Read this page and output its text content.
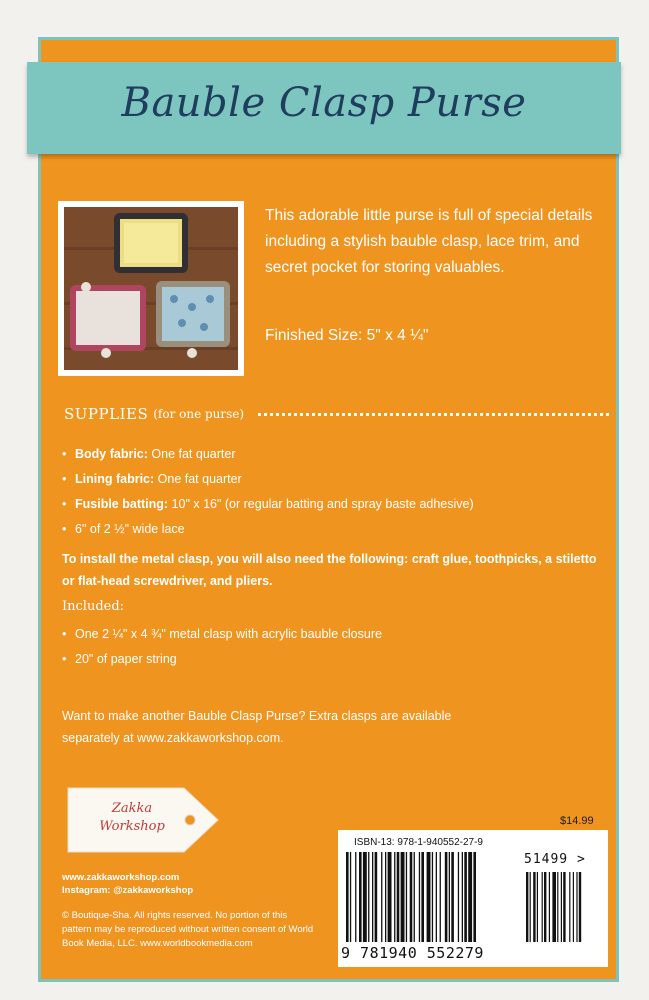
Bauble Clasp Purse

This adorable little purse is full of special details including a stylish bauble clasp, lace trim, and secret pocket for storing valuables.

Finished Size: 5" x 4 ¼"

SUPPLIES (for one purse)
• Body fabric: One fat quarter
• Lining fabric: One fat quarter
• Fusible batting: 10" x 16" (or regular batting and spray baste adhesive)
• 6" of 2 ½" wide lace

To install the metal clasp, you will also need the following: craft glue, toothpicks, a stiletto or flat-head screwdriver, and pliers.

Included:

• One 2 ¼" x 4 ¾" metal clasp with acrylic bauble closure
• 20" of paper string

Want to make another Bauble Clasp Purse? Extra clasps are available separately at www.zakkaworkshop.com.

Zakka
Workshop

www.zakkaworkshop.com
Instagram: @zakkaworkshop

© Boutique-Sha. All rights reserved. No portion of this pattern may be reproduced without written consent of World Book Media, LLC. www.worldbookmedia.com

$14.99
ISBN-13: 978-1-940552-27-9
51499 >
9 781940 552279
